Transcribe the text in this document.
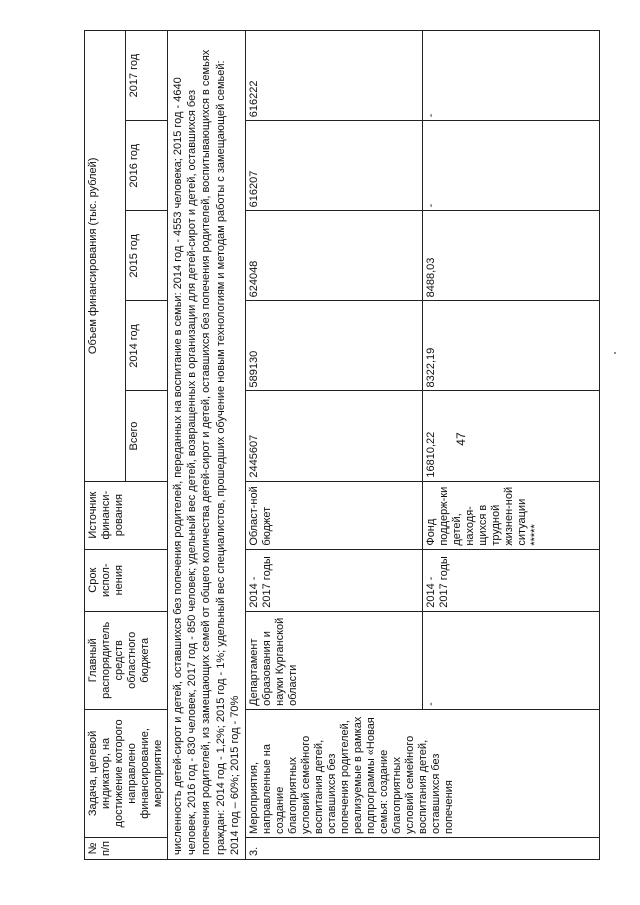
47
№ п/п	Задача, целевой индикатор, на достижение которого направлено финансирование, мероприятие	Главный распорядитель средств областного бюджета	Срок испол-нения	Источник финанси-рования	Объем финансирования (тыс. рублей)				
					Всего	2014 год	2015 год	2016 год	2017 год
численность детей-сирот и детей, оставшихся без попечения родителей, переданных на воспитание в семьи: 2014 год - 4553 человека; 2015 год - 4640 человек, 2016 год - 830 человек, 2017 год - 850 человек; удельный вес детей, возвращенных в организации для детей-сирот и детей, оставшихся без попечения родителей, из замещающих семей от общего количества детей-сирот и детей, оставшихся без попечения родителей, воспитывающихся в семьях граждан: 2014 год - 1,2%; 2015 год - 1%; удельный вес специалистов, прошедших обучение новым технологиям и методам работы с замещающей семьей: 2014 год – 60%; 2015 год - 70%									
3.	Мероприятия, направленные на создание благоприятных условий семейного воспитания детей, оставшихся без попечения родителей, реализуемые в рамках подпрограммы «Новая семья: создание благоприятных условий семейного воспитания детей, оставшихся без попечения	Департамент образования и науки Курганской области	2014 - 2017 годы	Област-ной бюджет	2445607	589130	624048	616207	616222
		-	2014 - 2017 годы	Фонд поддерж-ки детей, находя-щихся в трудной жизнен-ной ситуации *****	16810,22	8322,19	8488,03	-	-
